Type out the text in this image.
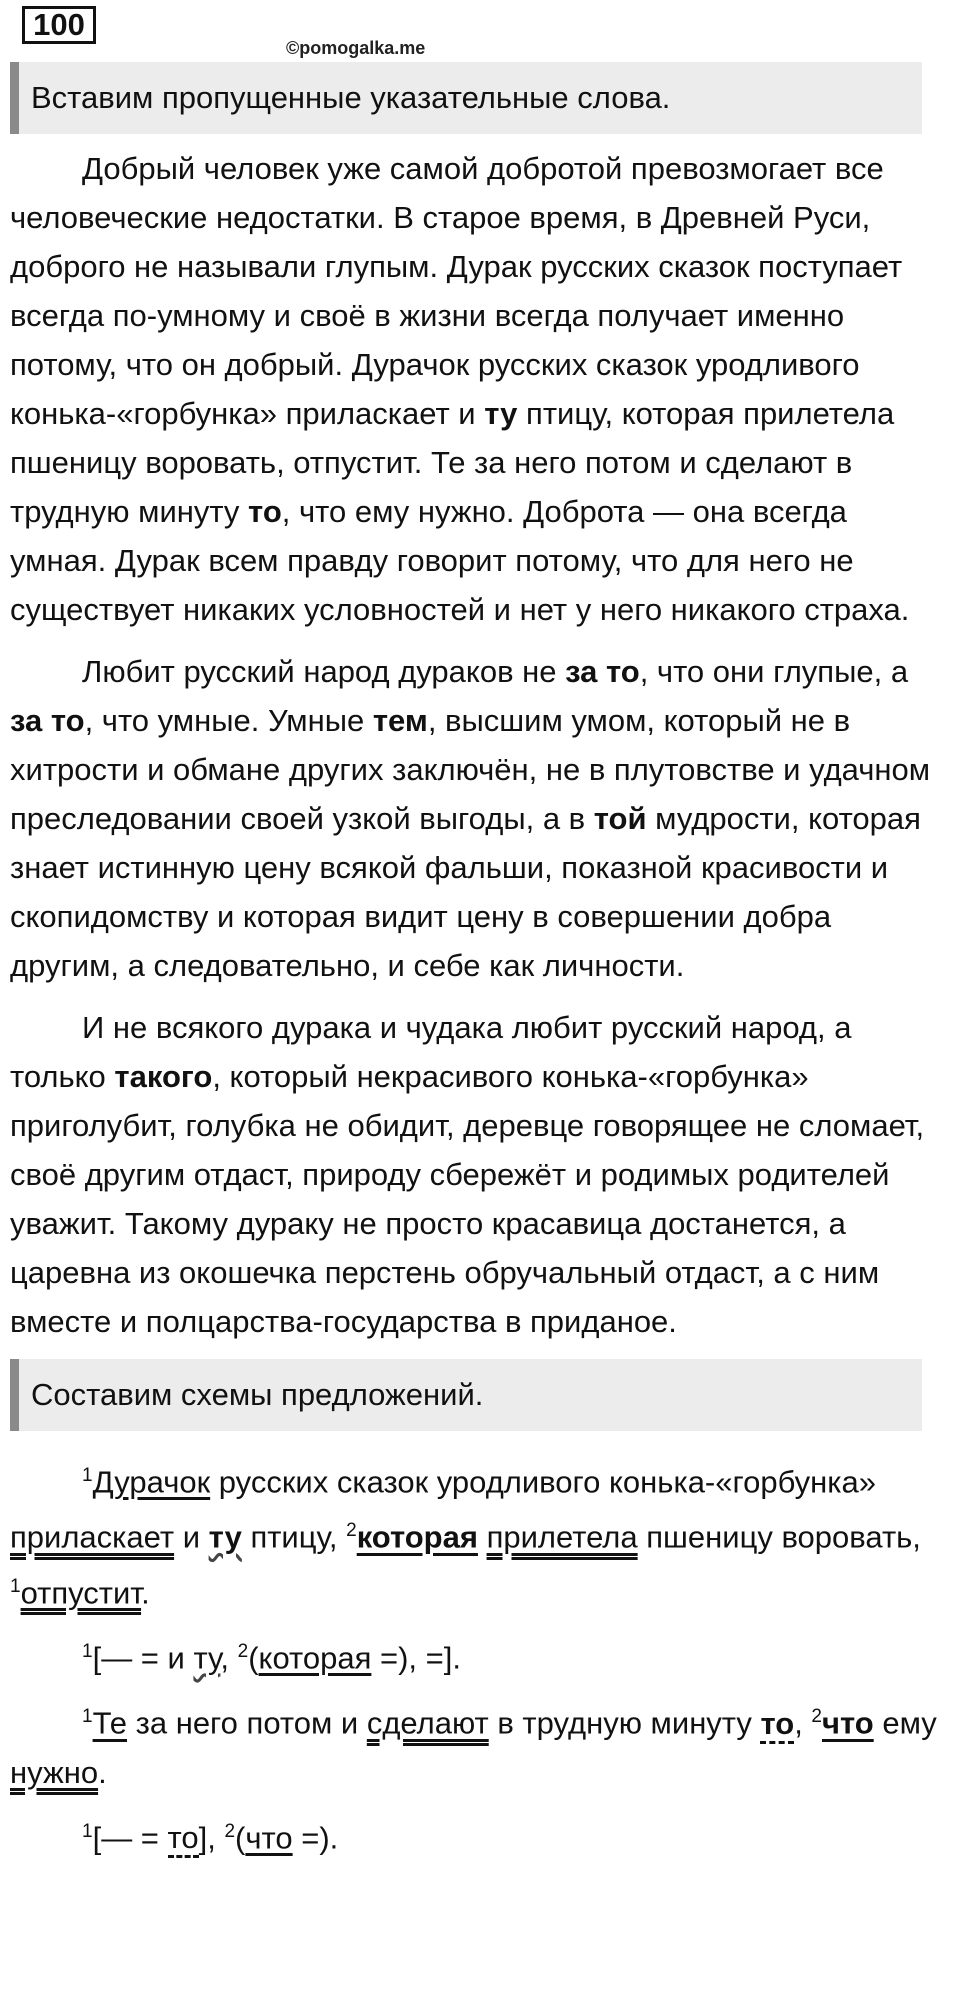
100
©pomogalka.me
Вставим пропущенные указательные слова.

Добрый человек уже самой добротой превозмогает все человеческие недостатки. В старое время, в Древней Руси, доброго не называли глупым. Дурак русских сказок поступает всегда по-умному и своё в жизни всегда получает именно потому, что он добрый. Дурачок русских сказок уродливого конька-«горбунка» приласкает и ту птицу, которая прилетела пшеницу воровать, отпустит. Те за него потом и сделают в трудную минуту то, что ему нужно. Доброта — она всегда умная. Дурак всем правду говорит потому, что для него не существует никаких условностей и нет у него никакого страха.

Любит русский народ дураков не за то, что они глупые, а за то, что умные. Умные тем, высшим умом, который не в хитрости и обмане других заключён, не в плутовстве и удачном преследовании своей узкой выгоды, а в той мудрости, которая знает истинную цену всякой фальши, показной красивости и скопидомству и которая видит цену в совершении добра другим, а следовательно, и себе как личности.

И не всякого дурака и чудака любит русский народ, а только такого, который некрасивого конька-«горбунка» приголубит, голубка не обидит, деревце говорящее не сломает, своё другим отдаст, природу сбережёт и родимых родителей уважит. Такому дураку не просто красавица достанется, а царевна из окошечка перстень обручальный отдаст, а с ним вместе и полцарства-государства в приданое.

Составим схемы предложений.

$^1$Дурачок русских сказок уродливого конька-«горбунка» приласкает и ту птицу, $^2$которая прилетела пшеницу воровать, $^1$отпустит.

$^1$[— = и ту, $^2$(которая =), =].

$^1$Те за него потом и сделают в трудную минуту то, $^2$что ему нужно.

$^1$[— = то], $^2$(что =).
